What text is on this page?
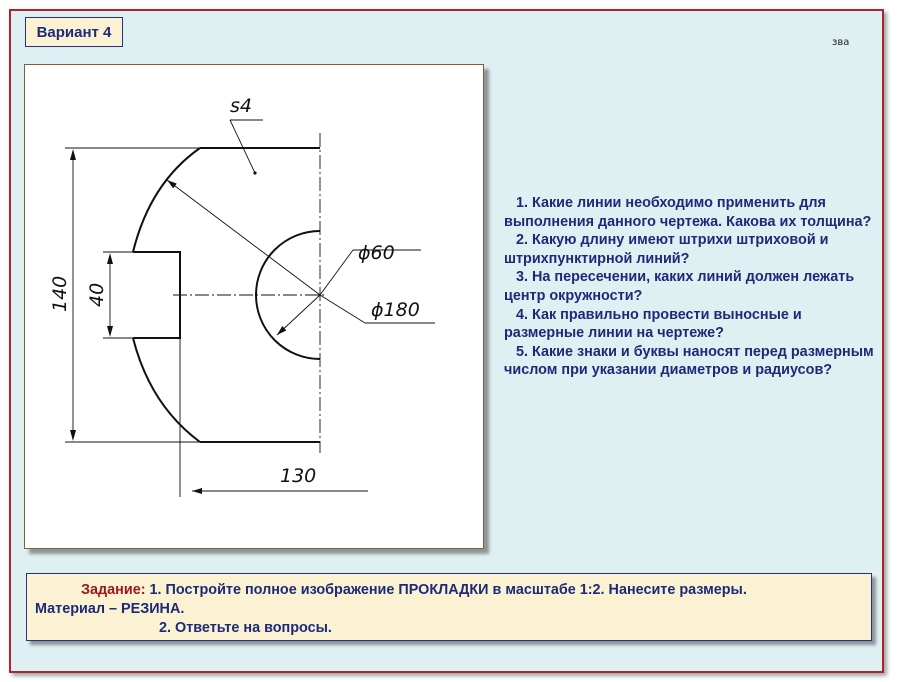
Вариант 4
зва
s4
ϕ60
ϕ180
140 40
130

1. Какие линии необходимо применить для выполнения данного чертежа. Какова их толщина?

2. Какую длину имеют штрихи штриховой и штрихпунктирной линий?

3. На пересечении, каких линий должен лежать центр окружности?

4. Как правильно провести выносные и размерные линии на чертеже?

5. Какие знаки и буквы наносят перед размерным числом при указании диаметров и радиусов?

Задание: 1. Постройте полное изображение ПРОКЛАДКИ в масштабе 1:2. Нанесите размеры.
Материал – РЕЗИНА.
2. Ответьте на вопросы.
